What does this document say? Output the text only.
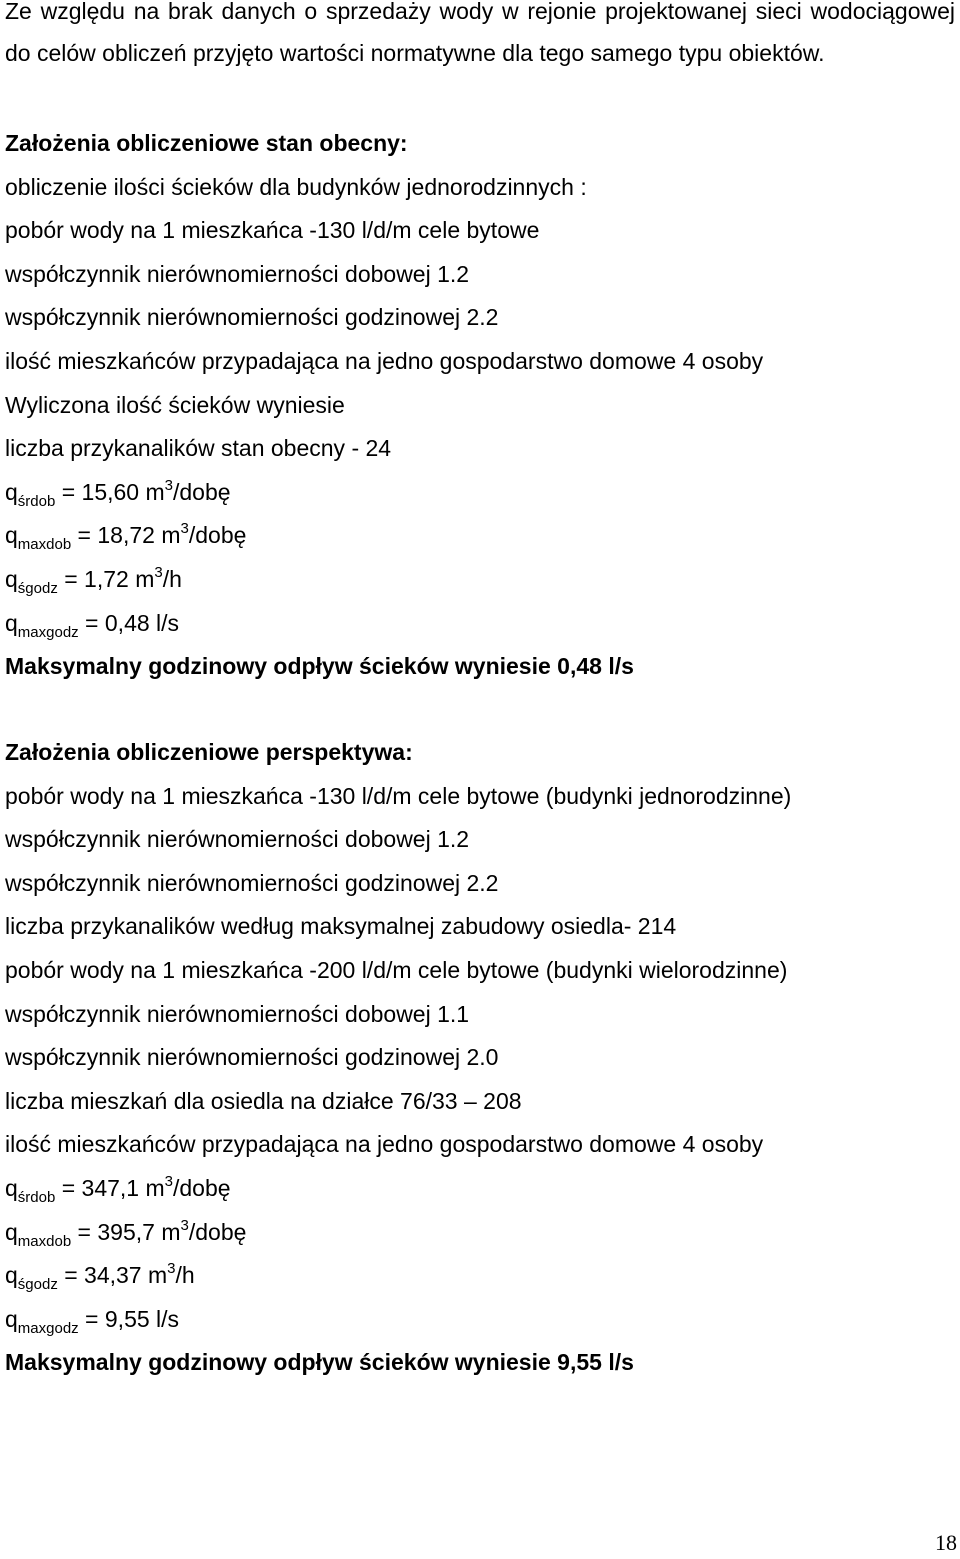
Ze względu na brak danych o sprzedaży wody w rejonie projektowanej sieci wodociągowej do celów obliczeń przyjęto wartości normatywne dla tego samego typu obiektów.

Założenia obliczeniowe stan obecny:
obliczenie ilości ścieków dla budynków jednorodzinnych :
pobór wody na 1 mieszkańca -130 l/d/m cele bytowe
współczynnik nierównomierności dobowej 1.2
współczynnik nierównomierności godzinowej 2.2
ilość mieszkańców przypadająca na jedno gospodarstwo domowe 4 osoby
Wyliczona ilość ścieków wyniesie
liczba przykanalików stan obecny - 24
$q_{śrdob} = 15,60$ $m^3$/dobę
$q_{maxdob} = 18,72$ $m^3$/dobę
$q_{śgodz} = 1,72$ $m^3/h$
$q_{maxgodz} = 0,48$ l/s
Maksymalny godzinowy odpływ ścieków wyniesie 0,48 l/s
Założenia obliczeniowe perspektywa:
pobór wody na 1 mieszkańca -130 l/d/m cele bytowe (budynki jednorodzinne)
współczynnik nierównomierności dobowej 1.2
współczynnik nierównomierności godzinowej 2.2
liczba przykanalików według maksymalnej zabudowy osiedla- 214
pobór wody na 1 mieszkańca -200 l/d/m cele bytowe (budynki wielorodzinne)
współczynnik nierównomierności dobowej 1.1
współczynnik nierównomierności godzinowej 2.0
liczba mieszkań dla osiedla na działce 76/33 – 208
ilość mieszkańców przypadająca na jedno gospodarstwo domowe 4 osoby
$q_{śrdob} = 347,1$ $m^3$/dobę
$q_{maxdob} = 395,7$ $m^3$/dobę
$q_{śgodz} = 34,37$ $m^3/h$
$q_{maxgodz} = 9,55$ l/s
Maksymalny godzinowy odpływ ścieków wyniesie 9,55 l/s
18
